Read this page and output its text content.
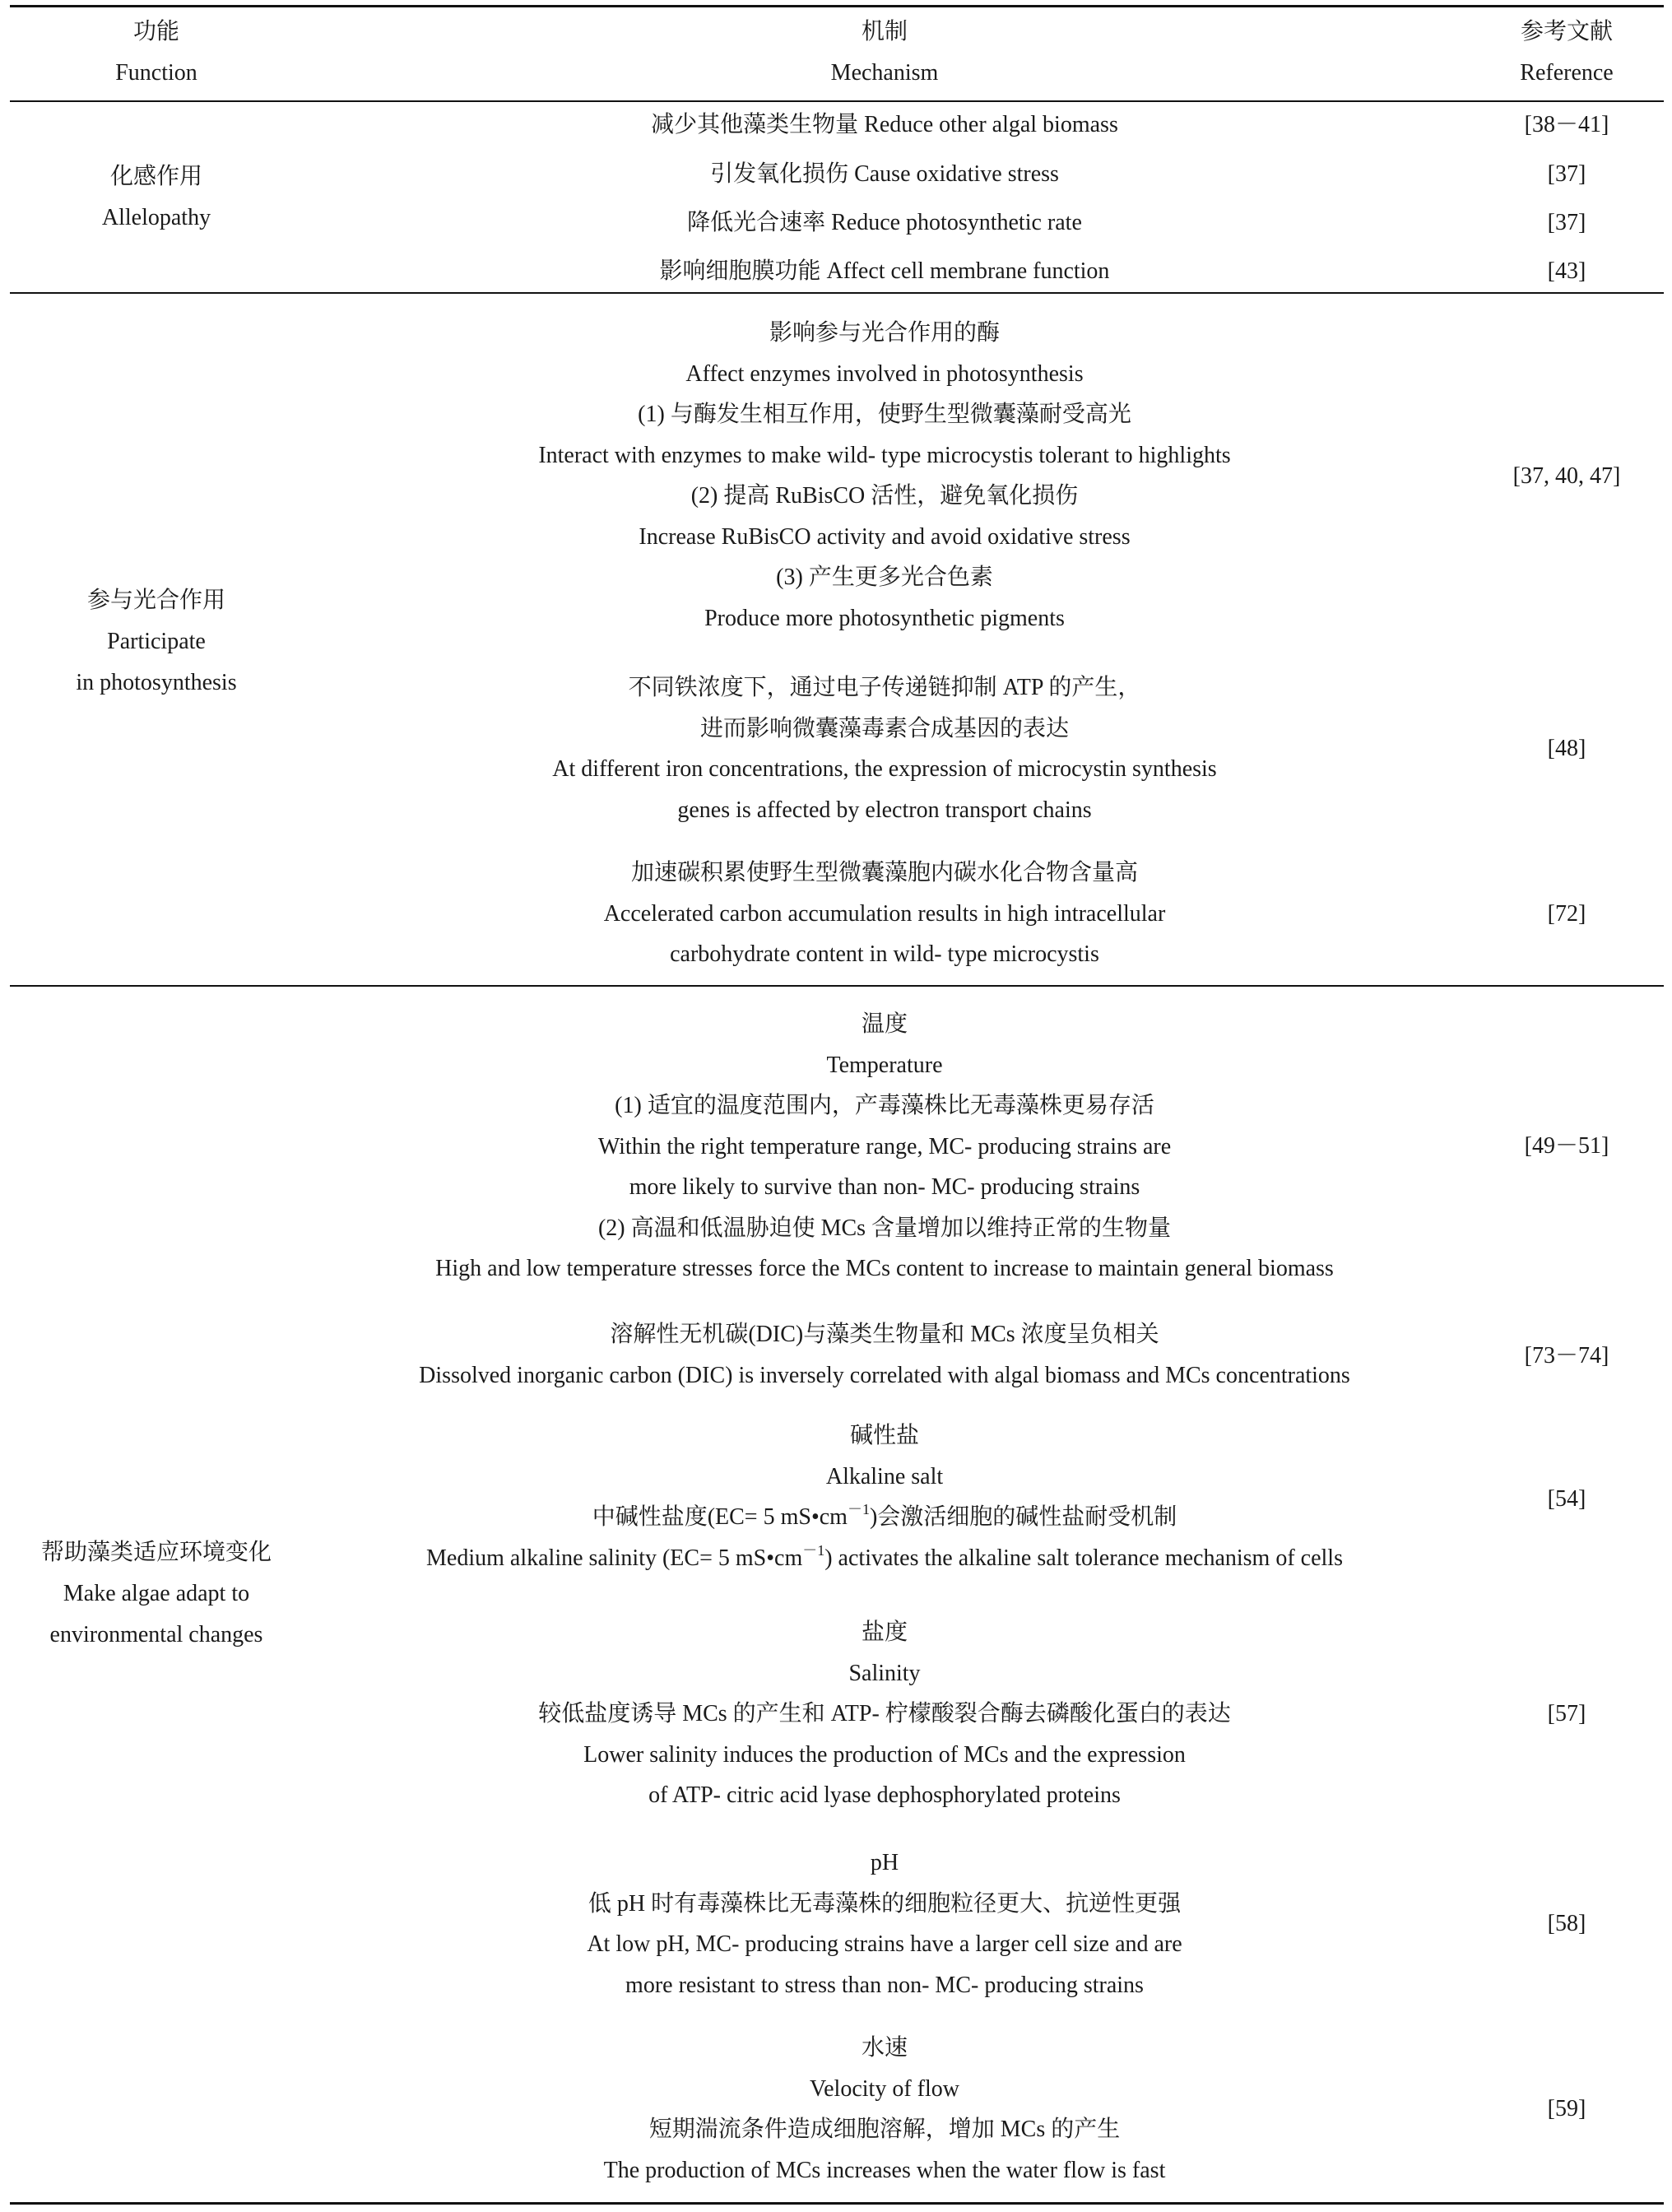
功能
Function
机制
Mechanism
参考文献
Reference
化感作用
Allelopathy
减少其他藻类生物量 Reduce other algal biomass
引发氧化损伤 Cause oxidative stress
降低光合速率 Reduce photosynthetic rate
影响细胞膜功能 Affect cell membrane function
[38－41]
[37]
[37]
[43]
参与光合作用
Participate
in photosynthesis
影响参与光合作用的酶
Affect enzymes involved in photosynthesis
(1) 与酶发生相互作用，使野生型微囊藻耐受高光
Interact with enzymes to make wild- type microcystis tolerant to highlights
(2) 提高 RuBisCO 活性，避免氧化损伤
Increase RuBisCO activity and avoid oxidative stress
(3) 产生更多光合色素
Produce more photosynthetic pigments
[37, 40, 47]
不同铁浓度下，通过电子传递链抑制 ATP 的产生，
进而影响微囊藻毒素合成基因的表达
At different iron concentrations, the expression of microcystin synthesis
genes is affected by electron transport chains
[48]
加速碳积累使野生型微囊藻胞内碳水化合物含量高
Accelerated carbon accumulation results in high intracellular
carbohydrate content in wild- type microcystis
[72]
帮助藻类适应环境变化
Make algae adapt to
environmental changes
温度
Temperature
(1) 适宜的温度范围内，产毒藻株比无毒藻株更易存活
Within the right temperature range, MC- producing strains are
more likely to survive than non- MC- producing strains
(2) 高温和低温胁迫使 MCs 含量增加以维持正常的生物量
High and low temperature stresses force the MCs content to increase to maintain general biomass
[49－51]
溶解性无机碳(DIC)与藻类生物量和 MCs 浓度呈负相关
Dissolved inorganic carbon (DIC) is inversely correlated with algal biomass and MCs concentrations
[73－74]
碱性盐
Alkaline salt
中碱性盐度(EC= 5 $mS•cm^{-1}$)会激活细胞的碱性盐耐受机制
Medium alkaline salinity (EC= 5 $mS•cm^{-1}$) activates the alkaline salt tolerance mechanism of cells
[54]
盐度
Salinity
较低盐度诱导 MCs 的产生和 ATP- 柠檬酸裂合酶去磷酸化蛋白的表达
Lower salinity induces the production of MCs and the expression
of ATP- citric acid lyase dephosphorylated proteins
[57]
pH
低 pH 时有毒藻株比无毒藻株的细胞粒径更大、抗逆性更强
At low pH, MC- producing strains have a larger cell size and are
more resistant to stress than non- MC- producing strains
[58]
水速
Velocity of flow
短期湍流条件造成细胞溶解，增加 MCs 的产生
The production of MCs increases when the water flow is fast
[59]
